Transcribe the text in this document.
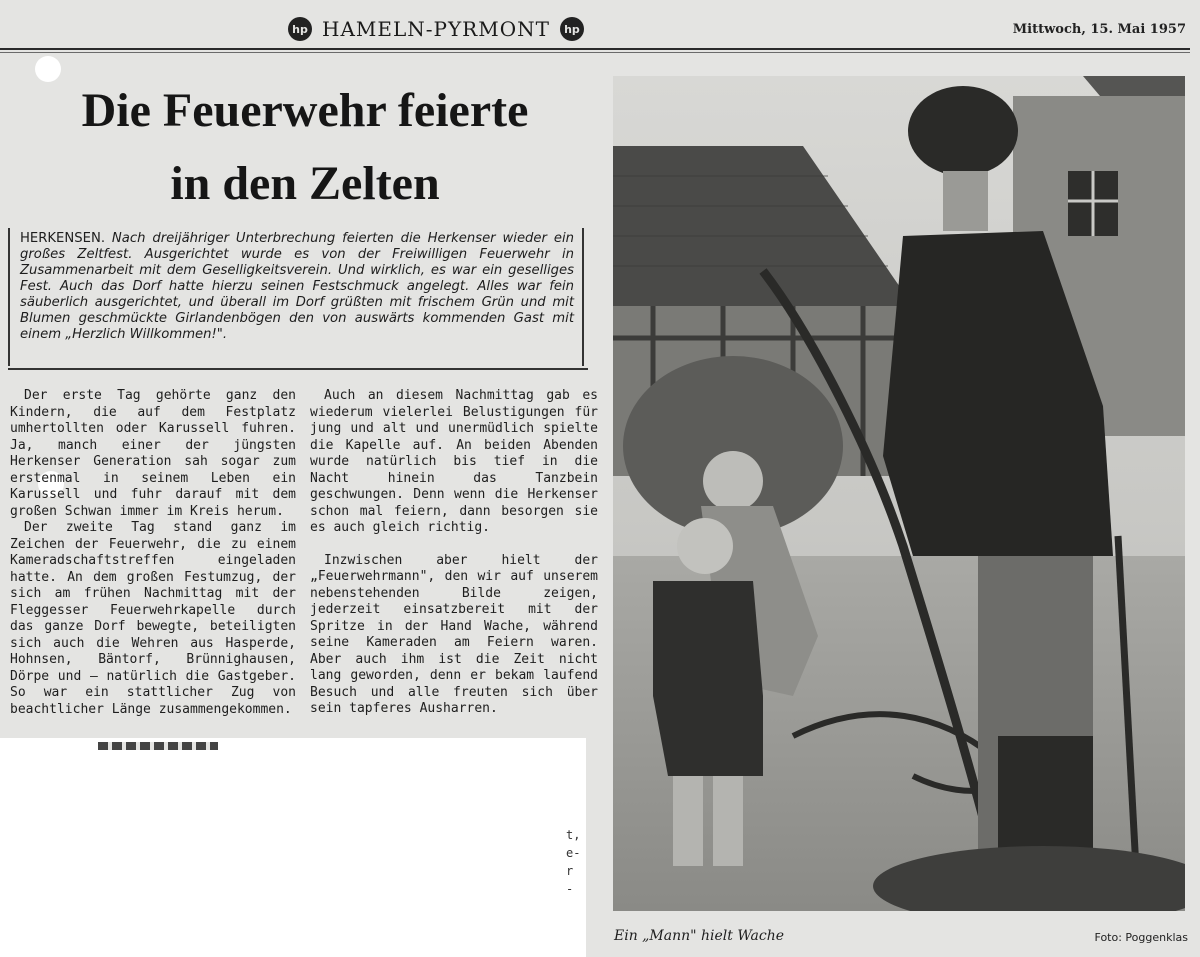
hp HAMELN-PYRMONT	hp	Mittwoch, 15. Mai 1957
Die Feuerwehr feierte
in den Zelten

HERKENSEN. Nach dreijähriger Unterbrechung feierten die Herkenser wieder ein großes Zeltfest. Ausgerichtet wurde es von der Freiwilligen Feuerwehr in Zusammenarbeit mit dem Geselligkeitsverein. Und wirklich, es war ein geselliges Fest. Auch das Dorf hatte hierzu seinen Festschmuck angelegt. Alles war fein säuberlich ausgerichtet, und überall im Dorf grüßten mit frischem Grün und mit Blumen geschmückte Girlandenbögen den von auswärts kommenden Gast mit einem „Herzlich Willkommen!".

Der erste Tag gehörte ganz den Kindern, die auf dem Festplatz umhertollten oder Karussell fuhren. Ja, manch einer der jüngsten Herkenser Generation sah sogar zum erstenmal in seinem Leben ein Karussell und fuhr darauf mit dem großen Schwan immer im Kreis herum.

Der zweite Tag stand ganz im Zeichen der Feuerwehr, die zu einem Kameradschaftstreffen eingeladen hatte. An dem großen Festumzug, der sich am frühen Nachmittag mit der Fleggesser Feuerwehrkapelle durch das ganze Dorf bewegte, beteiligten sich auch die Wehren aus Hasperde, Hohnsen, Bäntorf, Brünnighausen, Dörpe und — natürlich die Gastgeber. So war ein stattlicher Zug von beachtlicher Länge zusammengekommen.

Auch an diesem Nachmittag gab es wiederum vielerlei Belustigungen für jung und alt und unermüdlich spielte die Kapelle auf. An beiden Abenden wurde natürlich bis tief in die Nacht hinein das Tanzbein geschwungen. Denn wenn die Herkenser schon mal feiern, dann besorgen sie es auch gleich richtig.

Inzwischen aber hielt der „Feuerwehrmann", den wir auf unserem nebenstehenden Bilde zeigen, jederzeit einsatzbereit mit der Spritze in der Hand Wache, während seine Kameraden am Feiern waren. Aber auch ihm ist die Zeit nicht lang geworden, denn er bekam laufend Besuch und alle freuten sich über sein tapferes Ausharren.

t,
e-
r
-
Ein „Mann" hielt Wache	Foto: Poggenklas
